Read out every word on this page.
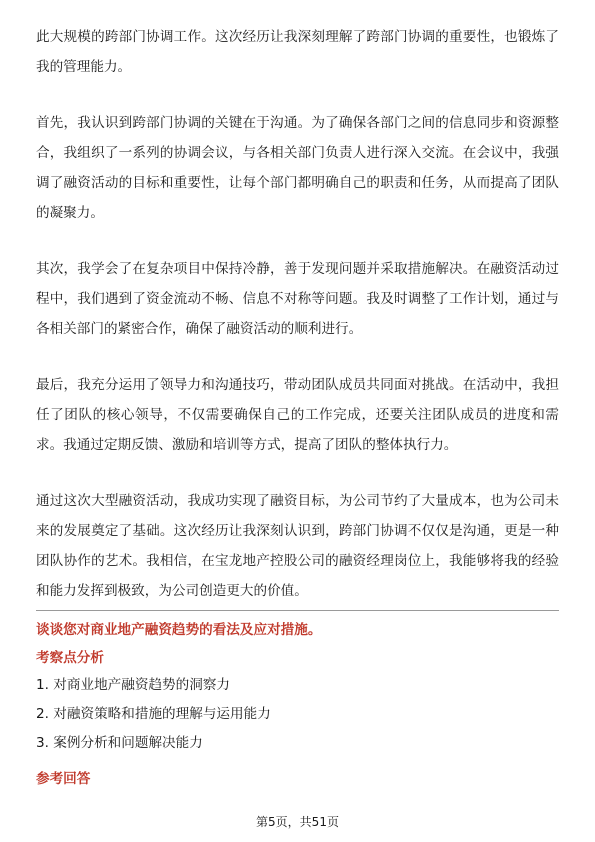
此大规模的跨部门协调工作。这次经历让我深刻理解了跨部门协调的重要性，也锻炼了我的管理能力。

首先，我认识到跨部门协调的关键在于沟通。为了确保各部门之间的信息同步和资源整合，我组织了一系列的协调会议，与各相关部门负责人进行深入交流。在会议中，我强调了融资活动的目标和重要性，让每个部门都明确自己的职责和任务，从而提高了团队的凝聚力。

其次，我学会了在复杂项目中保持冷静，善于发现问题并采取措施解决。在融资活动过程中，我们遇到了资金流动不畅、信息不对称等问题。我及时调整了工作计划，通过与各相关部门的紧密合作，确保了融资活动的顺利进行。

最后，我充分运用了领导力和沟通技巧，带动团队成员共同面对挑战。在活动中，我担任了团队的核心领导，不仅需要确保自己的工作完成，还要关注团队成员的进度和需求。我通过定期反馈、激励和培训等方式，提高了团队的整体执行力。

通过这次大型融资活动，我成功实现了融资目标，为公司节约了大量成本，也为公司未来的发展奠定了基础。这次经历让我深刻认识到，跨部门协调不仅仅是沟通，更是一种团队协作的艺术。我相信，在宝龙地产控股公司的融资经理岗位上，我能够将我的经验和能力发挥到极致，为公司创造更大的价值。

谈谈您对商业地产融资趋势的看法及应对措施。

考察点分析

1. 对商业地产融资趋势的洞察力
2. 对融资策略和措施的理解与运用能力
3. 案例分析和问题解决能力

参考回答

第5页，共51页
